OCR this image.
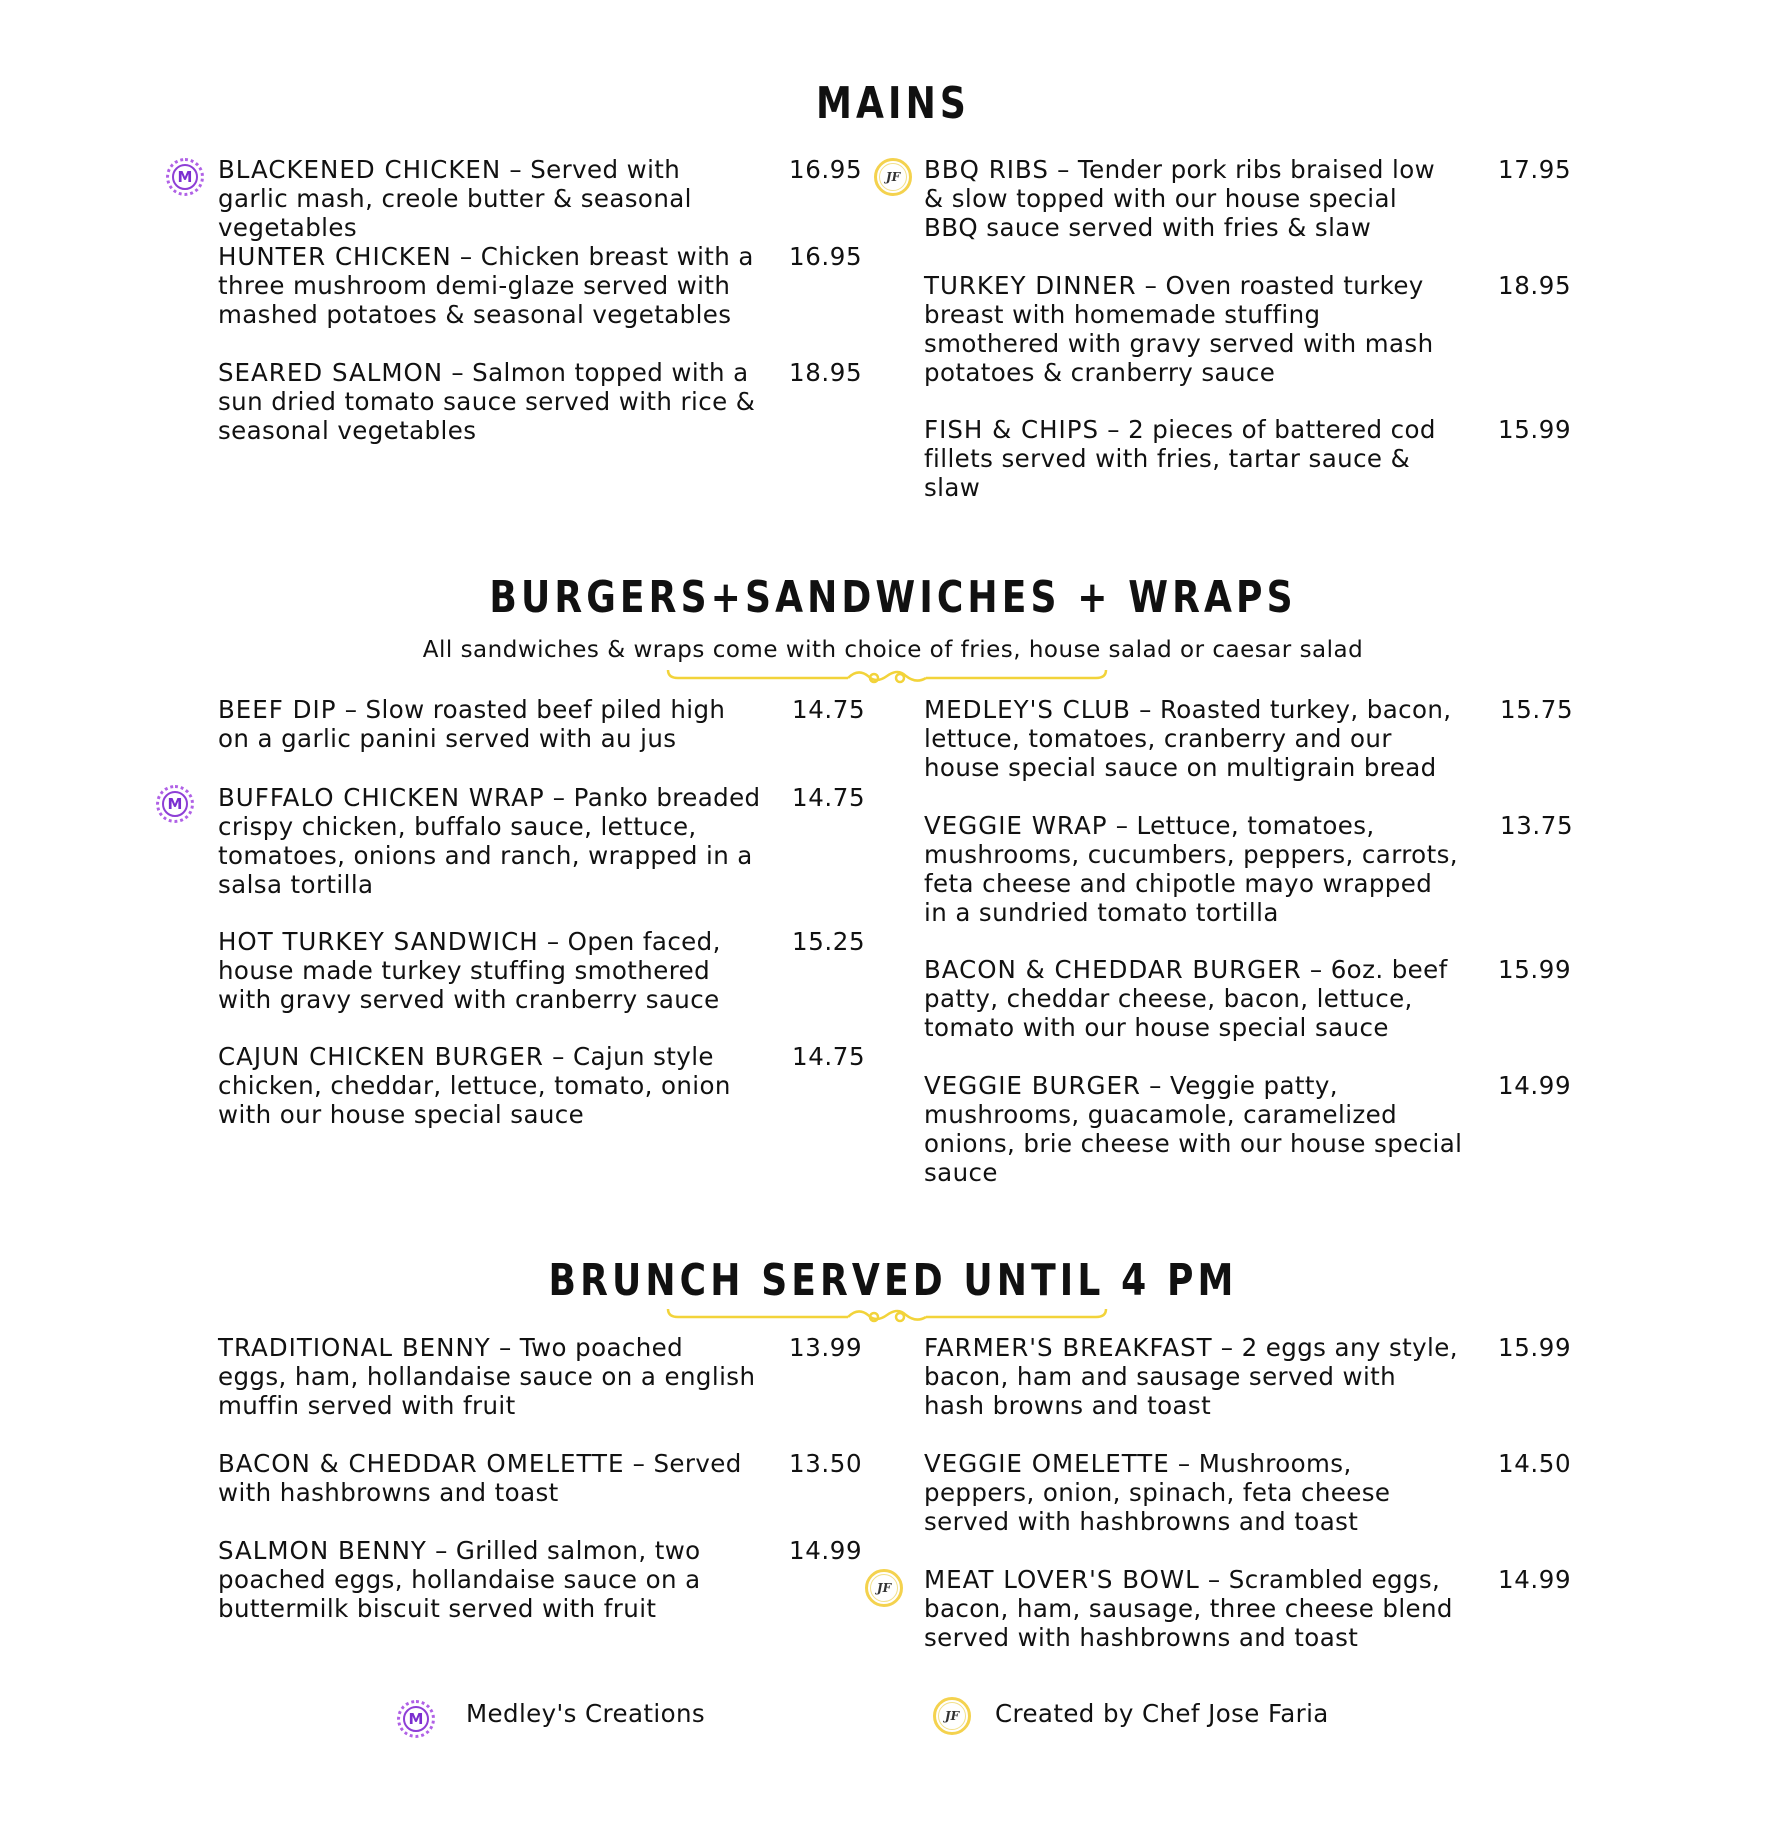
MAINS
M BLACKENED CHICKEN – Served with garlic mash, creole butter & seasonal vegetables
16.95
HUNTER CHICKEN – Chicken breast with a three mushroom demi-glaze served with mashed potatoes & seasonal vegetables
16.95
SEARED SALMON – Salmon topped with a sun dried tomato sauce served with rice & seasonal vegetables
18.95
JF BBQ RIBS – Tender pork ribs braised low & slow topped with our house special BBQ sauce served with fries & slaw
17.95
TURKEY DINNER – Oven roasted turkey breast with homemade stuffing smothered with gravy served with mash potatoes & cranberry sauce
18.95
FISH & CHIPS – 2 pieces of battered cod fillets served with fries, tartar sauce & slaw
15.99
BURGERS+SANDWICHES + WRAPS
All sandwiches & wraps come with choice of fries, house salad or caesar salad
BEEF DIP – Slow roasted beef piled high on a garlic panini served with au jus
14.75
M BUFFALO CHICKEN WRAP – Panko breaded crispy chicken, buffalo sauce, lettuce, tomatoes, onions and ranch, wrapped in a salsa tortilla
14.75
HOT TURKEY SANDWICH – Open faced, house made turkey stuffing smothered with gravy served with cranberry sauce
15.25
CAJUN CHICKEN BURGER – Cajun style chicken, cheddar, lettuce, tomato, onion with our house special sauce
14.75
MEDLEY'S CLUB – Roasted turkey, bacon, lettuce, tomatoes, cranberry and our house special sauce on multigrain bread
15.75
VEGGIE WRAP – Lettuce, tomatoes, mushrooms, cucumbers, peppers, carrots, feta cheese and chipotle mayo wrapped in a sundried tomato tortilla
13.75
BACON & CHEDDAR BURGER – 6oz. beef patty, cheddar cheese, bacon, lettuce, tomato with our house special sauce
15.99
VEGGIE BURGER – Veggie patty, mushrooms, guacamole, caramelized onions, brie cheese with our house special sauce
14.99
BRUNCH SERVED UNTIL 4 PM
TRADITIONAL BENNY – Two poached eggs, ham, hollandaise sauce on a english muffin served with fruit
13.99
BACON & CHEDDAR OMELETTE – Served with hashbrowns and toast
13.50
SALMON BENNY – Grilled salmon, two poached eggs, hollandaise sauce on a buttermilk biscuit served with fruit
14.99
FARMER'S BREAKFAST – 2 eggs any style, bacon, ham and sausage served with hash browns and toast
15.99
VEGGIE OMELETTE – Mushrooms, peppers, onion, spinach, feta cheese served with hashbrowns and toast
14.50
JF MEAT LOVER'S BOWL – Scrambled eggs, bacon, ham, sausage, three cheese blend served with hashbrowns and toast
14.99
M Medley's Creations	JF Created by Chef Jose Faria
